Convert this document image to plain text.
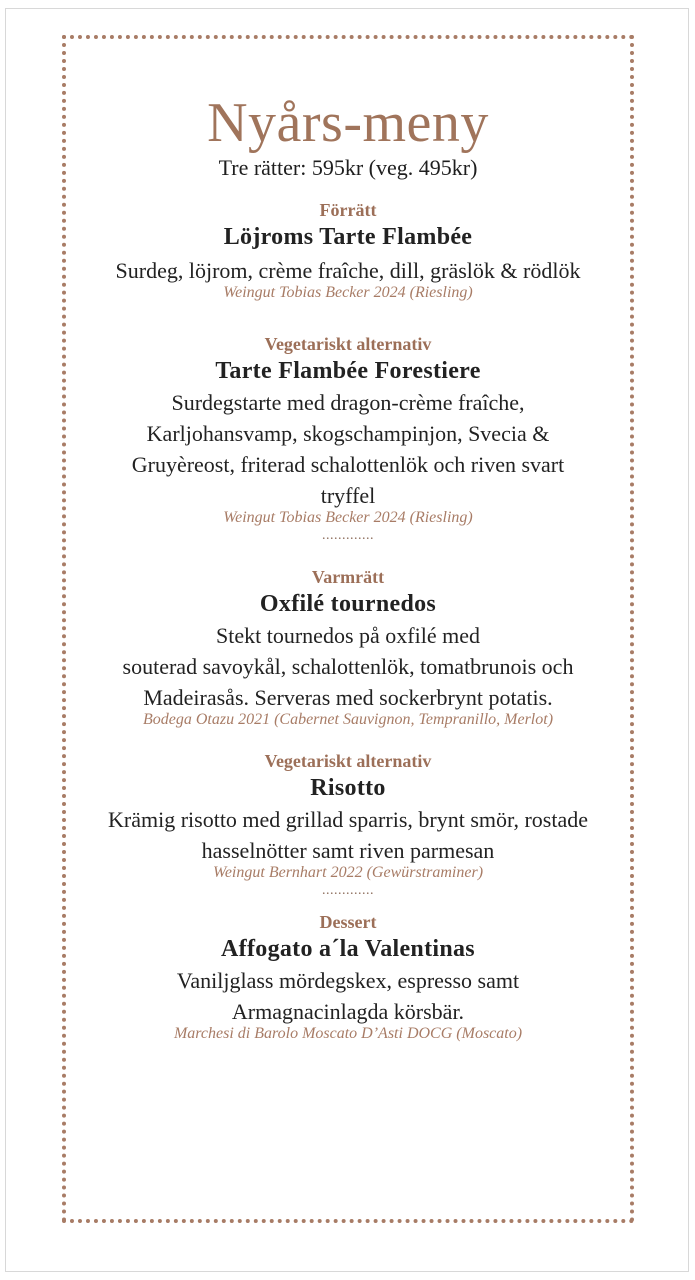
Nyårs-meny
Tre rätter: 595kr (veg. 495kr)
Förrätt
Löjroms Tarte Flambée
Surdeg, löjrom, crème fraîche, dill, gräslök & rödlök
Weingut Tobias Becker 2024 (Riesling)
Vegetariskt alternativ
Tarte Flambée Forestiere
Surdegstarte med dragon-crème fraîche,
Karljohansvamp, skogschampinjon, Svecia &
Gruyèreost, friterad schalottenlök och riven svart
tryffel
Weingut Tobias Becker 2024 (Riesling)
.............
Varmrätt
Oxfilé tournedos
Stekt tournedos på oxfilé med
souterad savoykål, schalottenlök, tomatbrunois och
Madeirasås. Serveras med sockerbrynt potatis.
Bodega Otazu 2021 (Cabernet Sauvignon, Tempranillo, Merlot)
Vegetariskt alternativ
Risotto
Krämig risotto med grillad sparris, brynt smör, rostade
hasselnötter samt riven parmesan
Weingut Bernhart 2022 (Gewürstraminer)
.............
Dessert
Affogato a´la Valentinas
Vaniljglass mördegskex, espresso samt
Armagnacinlagda körsbär.
Marchesi di Barolo Moscato D’Asti DOCG (Moscato)
